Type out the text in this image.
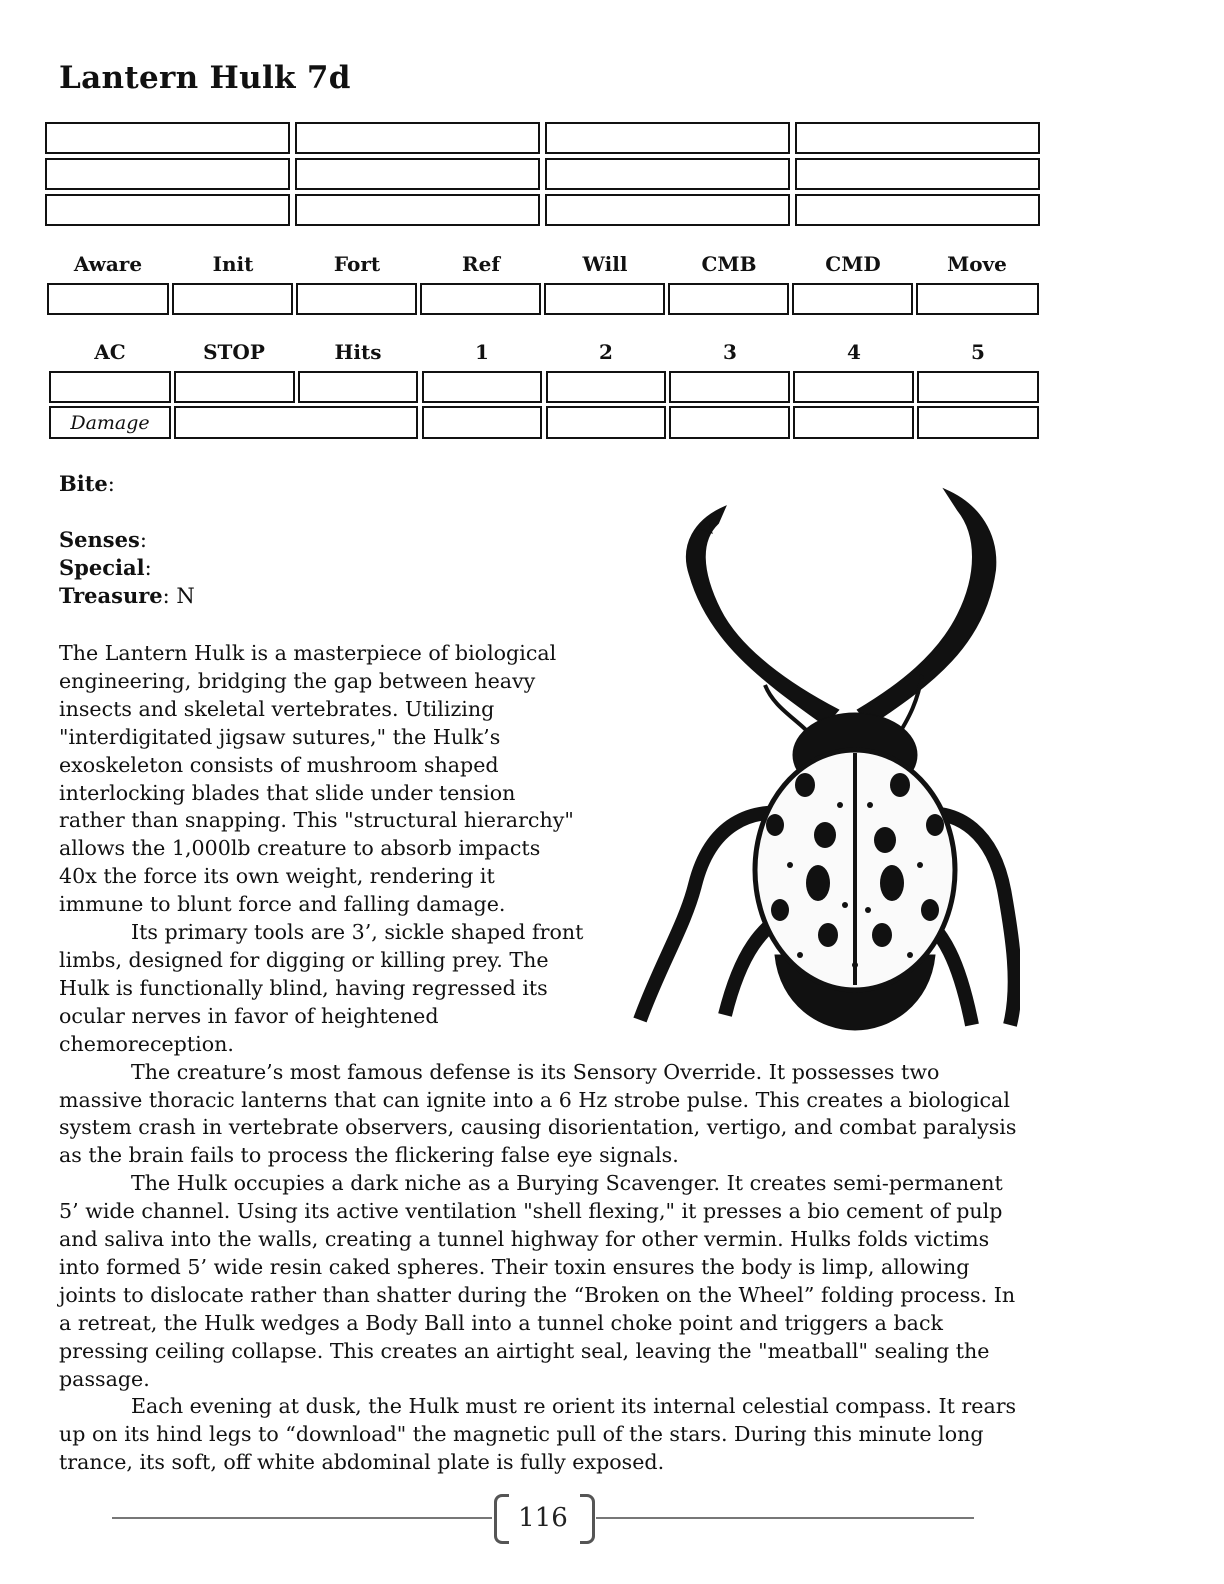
Lantern Hulk 7d
Aware	Init	Fort	Ref	Will	CMB	CMD	Move
AC	STOP	Hits	1	2	3	4	5
Damage
Bite:
Senses:
Special:
Treasure: N

The Lantern Hulk is a masterpiece of biological engineering, bridging the gap between heavy insects and skeletal vertebrates. Utilizing "interdigitated jigsaw sutures," the Hulk’s exoskeleton consists of mushroom shaped interlocking blades that slide under tension rather than snapping. This "structural hierarchy" allows the 1,000lb creature to absorb impacts 40x the force its own weight, rendering it immune to blunt force and falling damage.

Its primary tools are 3’, sickle shaped front limbs, designed for digging or killing prey. The Hulk is functionally blind, having regressed its ocular nerves in favor of heightened chemoreception.

The creature’s most famous defense is its Sensory Override. It possesses two massive thoracic lanterns that can ignite into a 6 Hz strobe pulse. This creates a biological system crash in vertebrate observers, causing disorientation, vertigo, and combat paralysis as the brain fails to process the flickering false eye signals.

The Hulk occupies a dark niche as a Burying Scavenger. It creates semi-permanent 5’ wide channel. Using its active ventilation "shell flexing," it presses a bio cement of pulp and saliva into the walls, creating a tunnel highway for other vermin. Hulks folds victims into formed 5’ wide resin caked spheres. Their toxin ensures the body is limp, allowing joints to dislocate rather than shatter during the “Broken on the Wheel” folding process. In a retreat, the Hulk wedges a Body Ball into a tunnel choke point and triggers a back pressing ceiling collapse. This creates an airtight seal, leaving the "meatball" sealing the passage.

Each evening at dusk, the Hulk must re orient its internal celestial compass. It rears up on its hind legs to “download" the magnetic pull of the stars. During this minute long trance, its soft, off white abdominal plate is fully exposed.

116
